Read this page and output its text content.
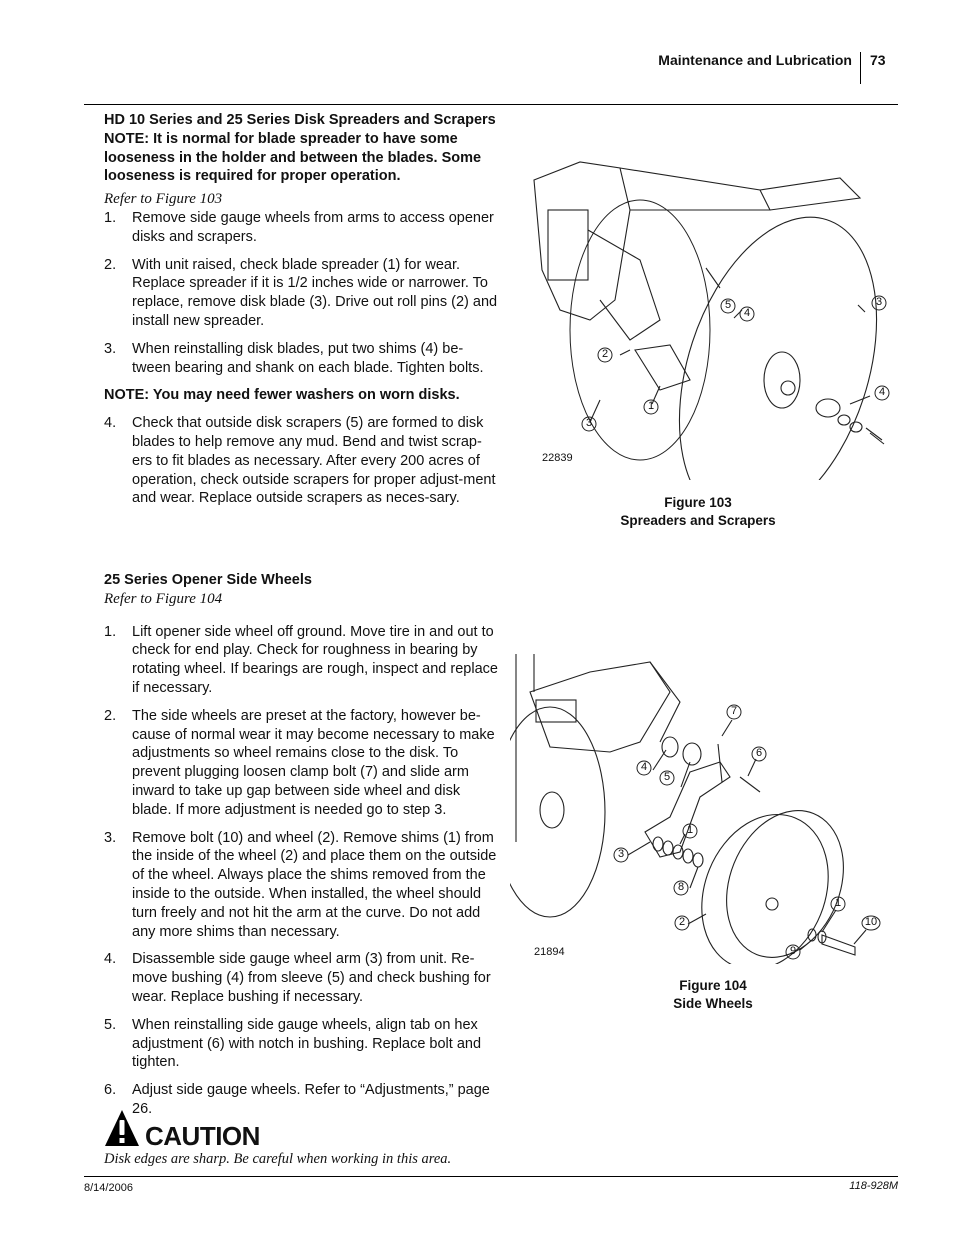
Maintenance and Lubrication 73
HD 10 Series and 25 Series Disk Spreaders and Scrapers
NOTE: It is normal for blade spreader to have some looseness in the holder and between the blades. Some looseness is required for proper operation.
Refer to Figure 103
1. Remove side gauge wheels from arms to access opener disks and scrapers.
2. With unit raised, check blade spreader (1) for wear. Replace spreader if it is 1/2 inches wide or narrower. To replace, remove disk blade (3). Drive out roll pins (2) and install new spreader.
3. When reinstalling disk blades, put two shims (4) be-tween bearing and shank on each blade. Tighten bolts.
NOTE: You may need fewer washers on worn disks.
4. Check that outside disk scrapers (5) are formed to disk blades to help remove any mud. Bend and twist scrap-ers to fit blades as necessary. After every 200 acres of operation, check outside scrapers for proper adjust-ment and wear. Replace outside scrapers as neces-sary.
25 Series Opener Side Wheels
Refer to Figure 104
1. Lift opener side wheel off ground. Move tire in and out to check for end play. Check for roughness in bearing by rotating wheel. If bearings are rough, inspect and replace if necessary.
2. The side wheels are preset at the factory, however be-cause of normal wear it may become necessary to make adjustments so wheel remains close to the disk. To prevent plugging loosen clamp bolt (7) and slide arm inward to take up gap between side wheel and disk blade. If more adjustment is needed go to step 3.
3. Remove bolt (10) and wheel (2). Remove shims (1) from the inside of the wheel (2) and place them on the outside of the wheel. Always place the shims removed from the inside to the outside. When installed, the wheel should turn freely and not hit the arm at the curve. Do not add any more shims than necessary.
4. Disassemble side gauge wheel arm (3) from unit. Re-move bushing (4) from sleeve (5) and check bushing for wear. Replace bushing if necessary.
5. When reinstalling side gauge wheels, align tab on hex adjustment (6) with notch in bushing. Replace bolt and tighten.
6. Adjust side gauge wheels. Refer to “Adjustments,” page 26.
5
4
3
2
1
3
4
22839
Figure 103
Spreaders and Scrapers
7
6
4
5
1
3
8
2
1
10
9
21894
Figure 104
Side Wheels
CAUTION
Disk edges are sharp. Be careful when working in this area.
8/14/2006	118-928M
